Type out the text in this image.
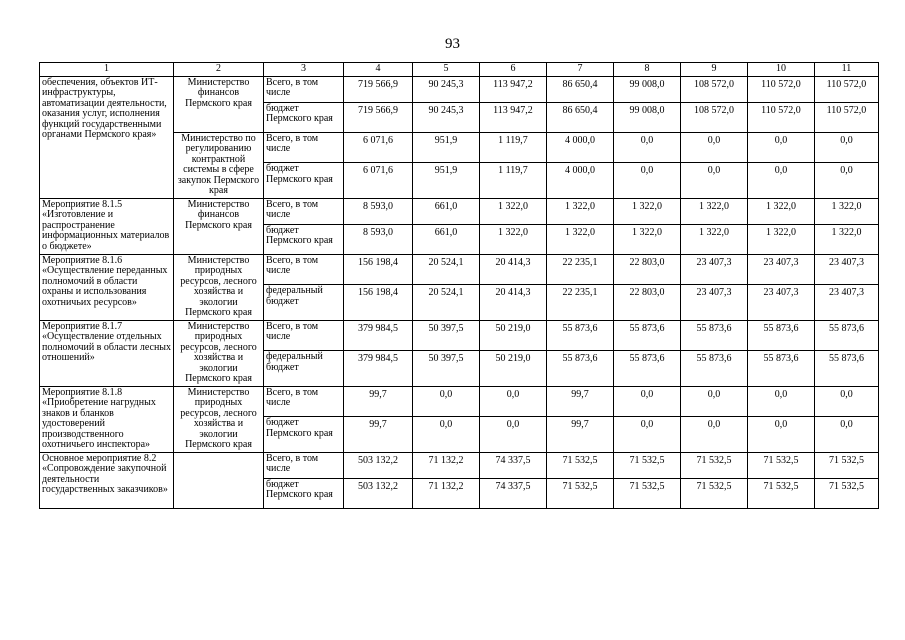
93
1	2	3	4	5	6	7	8	9	10	11
обеспечения, объектов ИТ-инфраструктуры, автоматизации деятельности, оказания услуг, исполнения функций государственными органами Пермского края»	Министерство финансов Пермского края	Всего, в том числе	719 566,9	90 245,3	113 947,2	86 650,4	99 008,0	108 572,0	110 572,0	110 572,0
		бюджет Пермского края	719 566,9	90 245,3	113 947,2	86 650,4	99 008,0	108 572,0	110 572,0	110 572,0
	Министерство по регулированию контрактной системы в сфере закупок Пермского края	Всего, в том числе	6 071,6	951,9	1 119,7	4 000,0	0,0	0,0	0,0	0,0
		бюджет Пермского края	6 071,6	951,9	1 119,7	4 000,0	0,0	0,0	0,0	0,0
Мероприятие 8.1.5 «Изготовление и распространение информационных материалов о бюджете»	Министерство финансов Пермского края	Всего, в том числе	8 593,0	661,0	1 322,0	1 322,0	1 322,0	1 322,0	1 322,0	1 322,0
		бюджет Пермского края	8 593,0	661,0	1 322,0	1 322,0	1 322,0	1 322,0	1 322,0	1 322,0
Мероприятие 8.1.6 «Осуществление переданных полномочий в области охраны и использования охотничьих ресурсов»	Министерство природных ресурсов, лесного хозяйства и экологии Пермского края	Всего, в том числе	156 198,4	20 524,1	20 414,3	22 235,1	22 803,0	23 407,3	23 407,3	23 407,3
		федеральный бюджет	156 198,4	20 524,1	20 414,3	22 235,1	22 803,0	23 407,3	23 407,3	23 407,3
Мероприятие 8.1.7 «Осуществление отдельных полномочий в области лесных отношений»	Министерство природных ресурсов, лесного хозяйства и экологии Пермского края	Всего, в том числе	379 984,5	50 397,5	50 219,0	55 873,6	55 873,6	55 873,6	55 873,6	55 873,6
		федеральный бюджет	379 984,5	50 397,5	50 219,0	55 873,6	55 873,6	55 873,6	55 873,6	55 873,6
Мероприятие 8.1.8 «Приобретение нагрудных знаков и бланков удостоверений производственного охотничьего инспектора»	Министерство природных ресурсов, лесного хозяйства и экологии Пермского края	Всего, в том числе	99,7	0,0	0,0	99,7	0,0	0,0	0,0	0,0
		бюджет Пермского края	99,7	0,0	0,0	99,7	0,0	0,0	0,0	0,0
Основное мероприятие 8.2 «Сопровождение закупочной деятельности государственных заказчиков»		Всего, в том числе	503 132,2	71 132,2	74 337,5	71 532,5	71 532,5	71 532,5	71 532,5	71 532,5
		бюджет Пермского края	503 132,2	71 132,2	74 337,5	71 532,5	71 532,5	71 532,5	71 532,5	71 532,5
